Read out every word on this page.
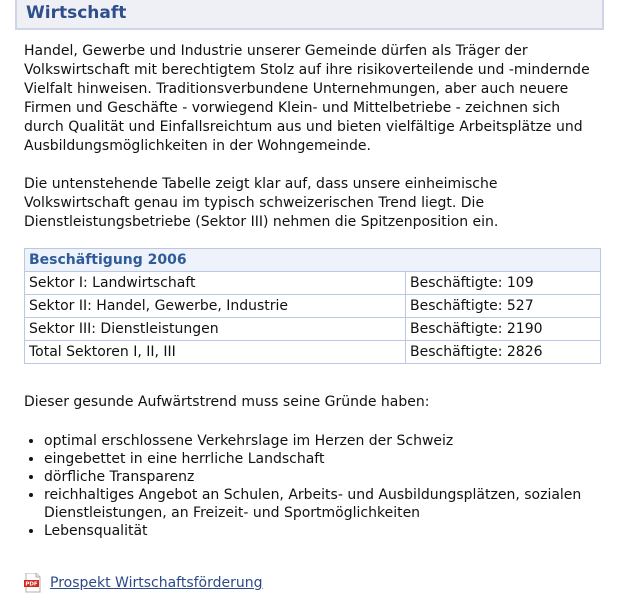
Wirtschaft

Handel, Gewerbe und Industrie unserer Gemeinde dürfen als Träger der Volkswirtschaft mit berechtigtem Stolz auf ihre risikoverteilende und -mindernde Vielfalt hinweisen. Traditionsverbundene Unternehmungen, aber auch neuere Firmen und Geschäfte - vorwiegend Klein- und Mittelbetriebe - zeichnen sich durch Qualität und Einfallsreichtum aus und bieten vielfältige Arbeitsplätze und Ausbildungsmöglichkeiten in der Wohngemeinde.

Die untenstehende Tabelle zeigt klar auf, dass unsere einheimische Volkswirtschaft genau im typisch schweizerischen Trend liegt. Die Dienstleistungsbetriebe (Sektor III) nehmen die Spitzenposition ein.

Beschäftigung 2006	
Sektor I: Landwirtschaft	Beschäftigte: 109
Sektor II: Handel, Gewerbe, Industrie	Beschäftigte: 527
Sektor III: Dienstleistungen	Beschäftigte: 2190
Total Sektoren I, II, III	Beschäftigte: 2826
Dieser gesunde Aufwärtstrend muss seine Gründe haben:
• optimal erschlossene Verkehrslage im Herzen der Schweiz
• eingebettet in eine herrliche Landschaft
• dörfliche Transparenz
• reichhaltiges Angebot an Schulen, Arbeits- und Ausbildungsplätzen, sozialen Dienstleistungen, an Freizeit- und Sportmöglichkeiten
• Lebensqualität
PDF Prospekt Wirtschaftsförderung
